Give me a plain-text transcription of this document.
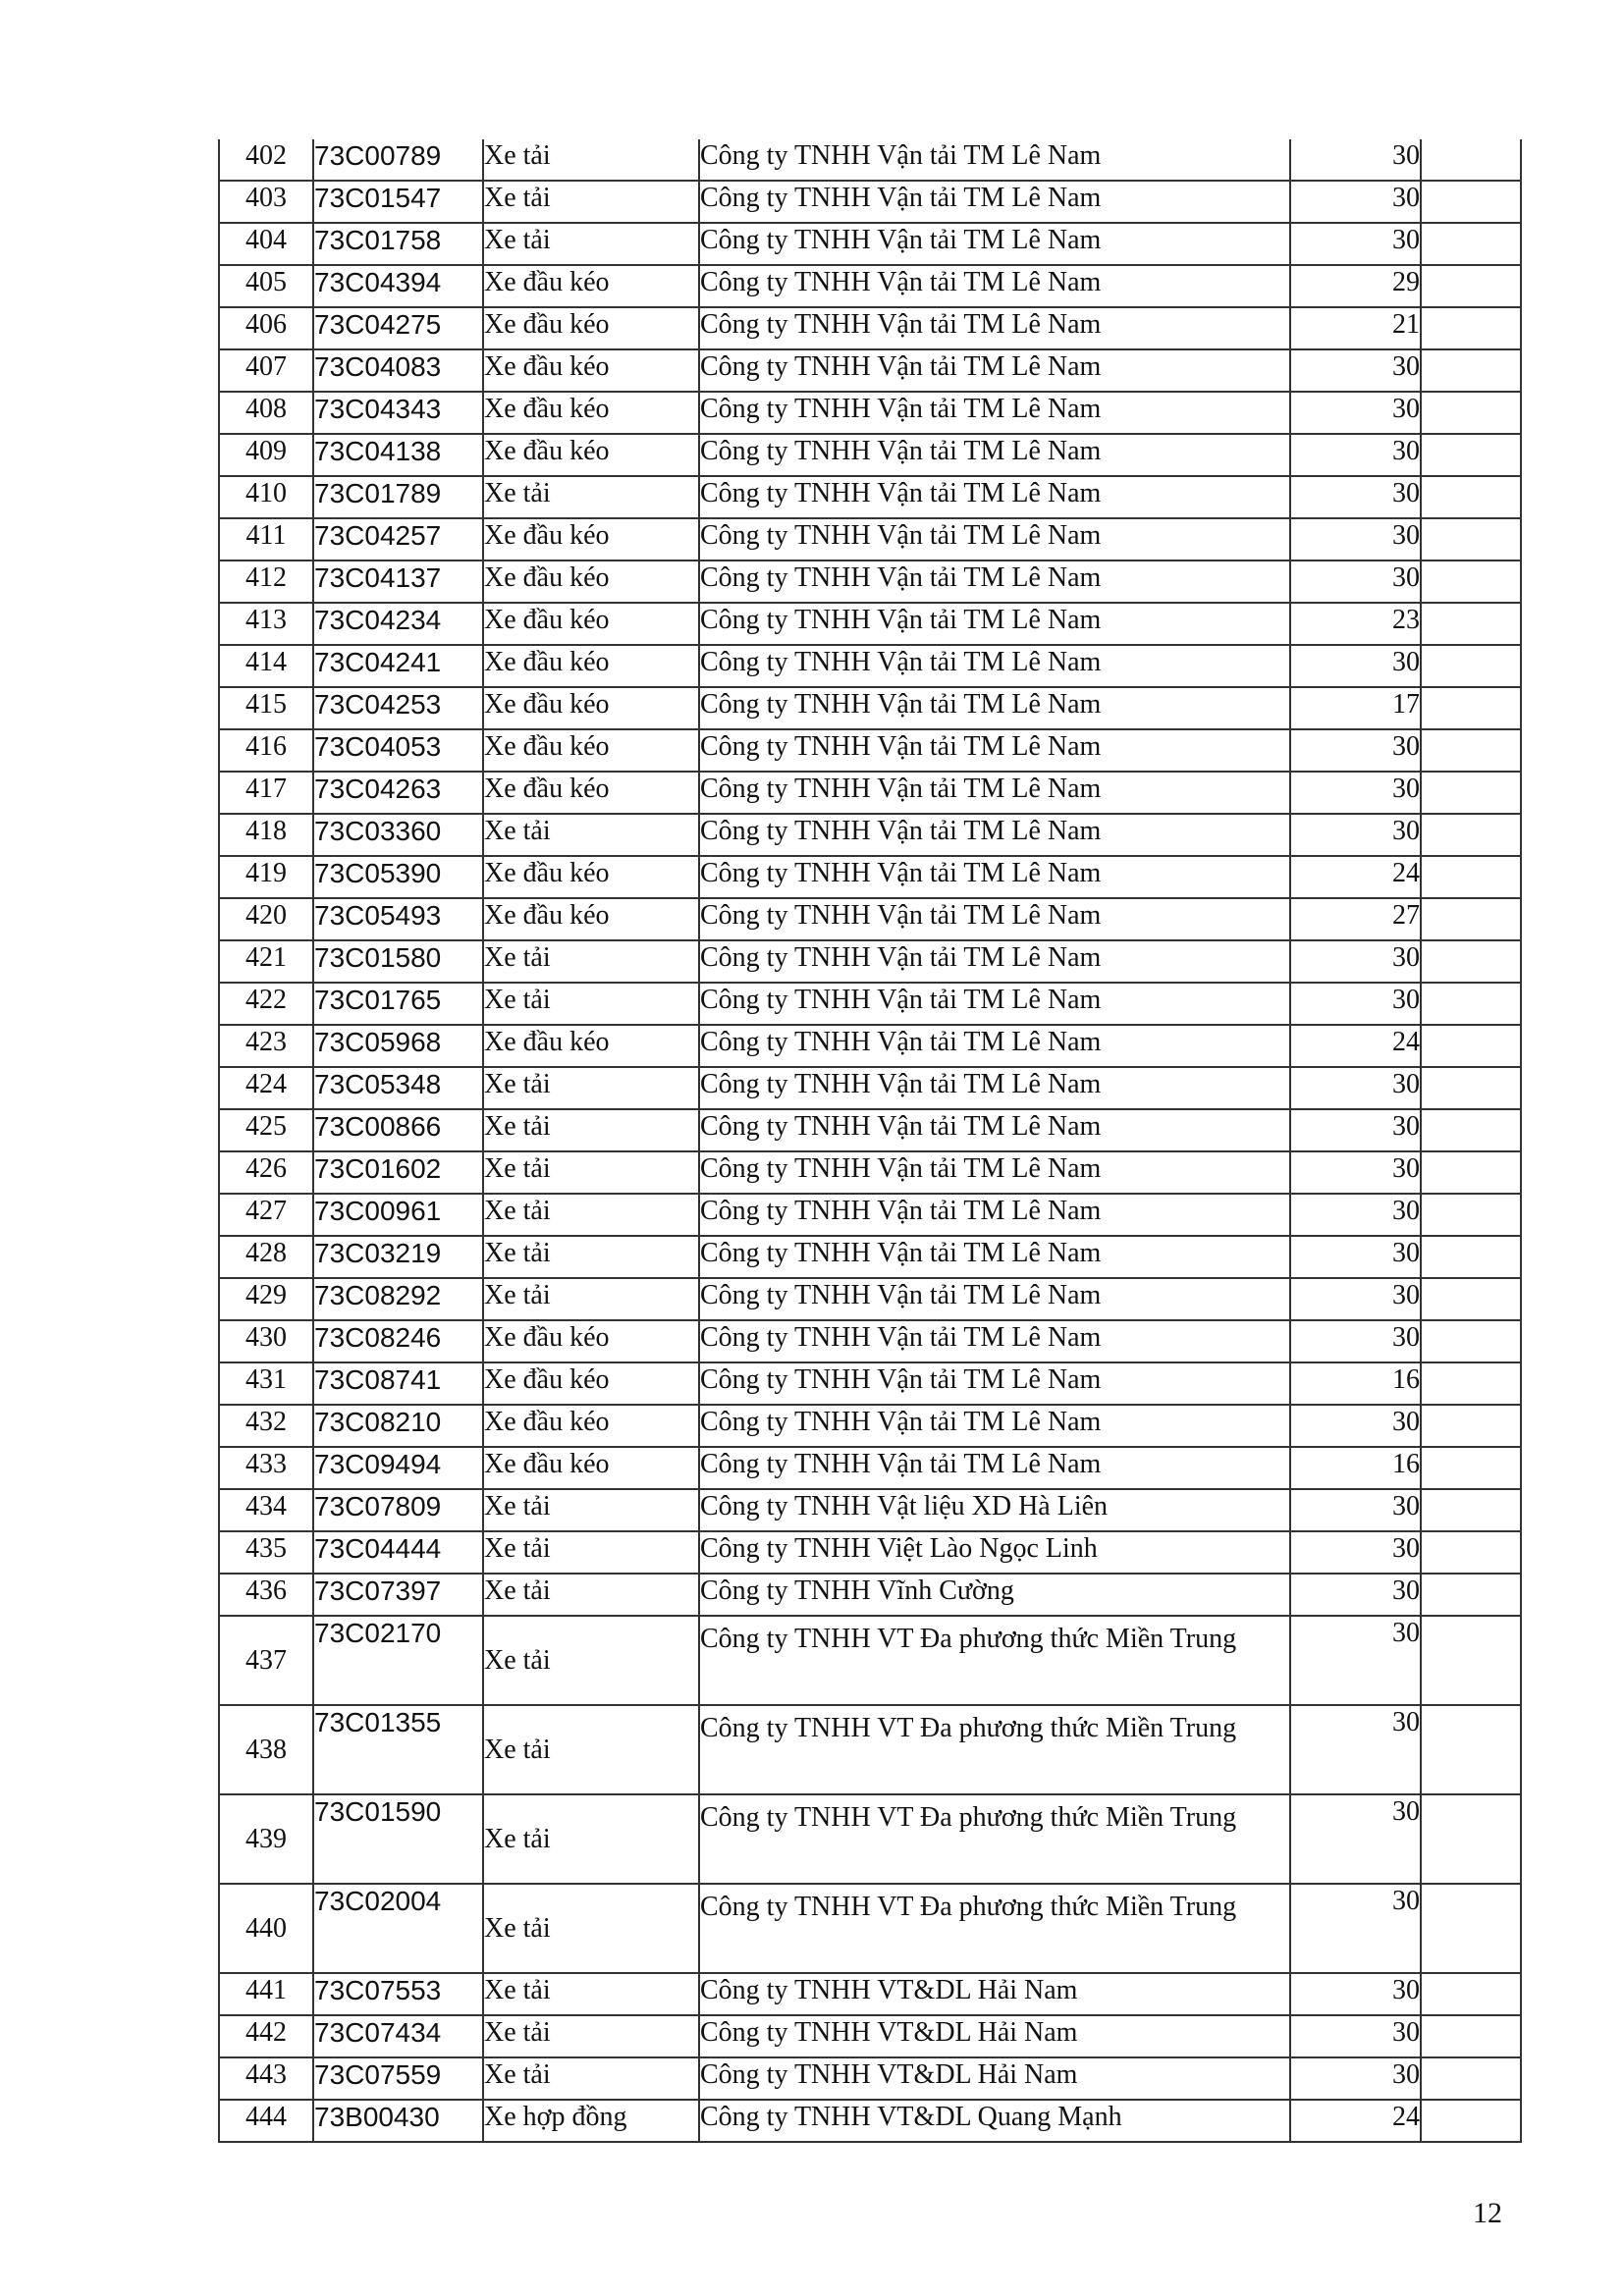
402	73C00789	Xe tải	Công ty TNHH Vận tải TM Lê Nam	30	
403	73C01547	Xe tải	Công ty TNHH Vận tải TM Lê Nam	30	
404	73C01758	Xe tải	Công ty TNHH Vận tải TM Lê Nam	30	
405	73C04394	Xe đầu kéo	Công ty TNHH Vận tải TM Lê Nam	29	
406	73C04275	Xe đầu kéo	Công ty TNHH Vận tải TM Lê Nam	21	
407	73C04083	Xe đầu kéo	Công ty TNHH Vận tải TM Lê Nam	30	
408	73C04343	Xe đầu kéo	Công ty TNHH Vận tải TM Lê Nam	30	
409	73C04138	Xe đầu kéo	Công ty TNHH Vận tải TM Lê Nam	30	
410	73C01789	Xe tải	Công ty TNHH Vận tải TM Lê Nam	30	
411	73C04257	Xe đầu kéo	Công ty TNHH Vận tải TM Lê Nam	30	
412	73C04137	Xe đầu kéo	Công ty TNHH Vận tải TM Lê Nam	30	
413	73C04234	Xe đầu kéo	Công ty TNHH Vận tải TM Lê Nam	23	
414	73C04241	Xe đầu kéo	Công ty TNHH Vận tải TM Lê Nam	30	
415	73C04253	Xe đầu kéo	Công ty TNHH Vận tải TM Lê Nam	17	
416	73C04053	Xe đầu kéo	Công ty TNHH Vận tải TM Lê Nam	30	
417	73C04263	Xe đầu kéo	Công ty TNHH Vận tải TM Lê Nam	30	
418	73C03360	Xe tải	Công ty TNHH Vận tải TM Lê Nam	30	
419	73C05390	Xe đầu kéo	Công ty TNHH Vận tải TM Lê Nam	24	
420	73C05493	Xe đầu kéo	Công ty TNHH Vận tải TM Lê Nam	27	
421	73C01580	Xe tải	Công ty TNHH Vận tải TM Lê Nam	30	
422	73C01765	Xe tải	Công ty TNHH Vận tải TM Lê Nam	30	
423	73C05968	Xe đầu kéo	Công ty TNHH Vận tải TM Lê Nam	24	
424	73C05348	Xe tải	Công ty TNHH Vận tải TM Lê Nam	30	
425	73C00866	Xe tải	Công ty TNHH Vận tải TM Lê Nam	30	
426	73C01602	Xe tải	Công ty TNHH Vận tải TM Lê Nam	30	
427	73C00961	Xe tải	Công ty TNHH Vận tải TM Lê Nam	30	
428	73C03219	Xe tải	Công ty TNHH Vận tải TM Lê Nam	30	
429	73C08292	Xe tải	Công ty TNHH Vận tải TM Lê Nam	30	
430	73C08246	Xe đầu kéo	Công ty TNHH Vận tải TM Lê Nam	30	
431	73C08741	Xe đầu kéo	Công ty TNHH Vận tải TM Lê Nam	16	
432	73C08210	Xe đầu kéo	Công ty TNHH Vận tải TM Lê Nam	30	
433	73C09494	Xe đầu kéo	Công ty TNHH Vận tải TM Lê Nam	16	
434	73C07809	Xe tải	Công ty TNHH Vật liệu XD Hà Liên	30	
435	73C04444	Xe tải	Công ty TNHH Việt Lào Ngọc Linh	30	
436	73C07397	Xe tải	Công ty TNHH Vĩnh Cường	30	
437	73C02170	Xe tải	Công ty TNHH VT Đa phương thức Miền Trung	30	
438	73C01355	Xe tải	Công ty TNHH VT Đa phương thức Miền Trung	30	
439	73C01590	Xe tải	Công ty TNHH VT Đa phương thức Miền Trung	30	
440	73C02004	Xe tải	Công ty TNHH VT Đa phương thức Miền Trung	30	
441	73C07553	Xe tải	Công ty TNHH VT&DL Hải Nam	30	
442	73C07434	Xe tải	Công ty TNHH VT&DL Hải Nam	30	
443	73C07559	Xe tải	Công ty TNHH VT&DL Hải Nam	30	
444	73B00430	Xe hợp đồng	Công ty TNHH VT&DL Quang Mạnh	24	
12
